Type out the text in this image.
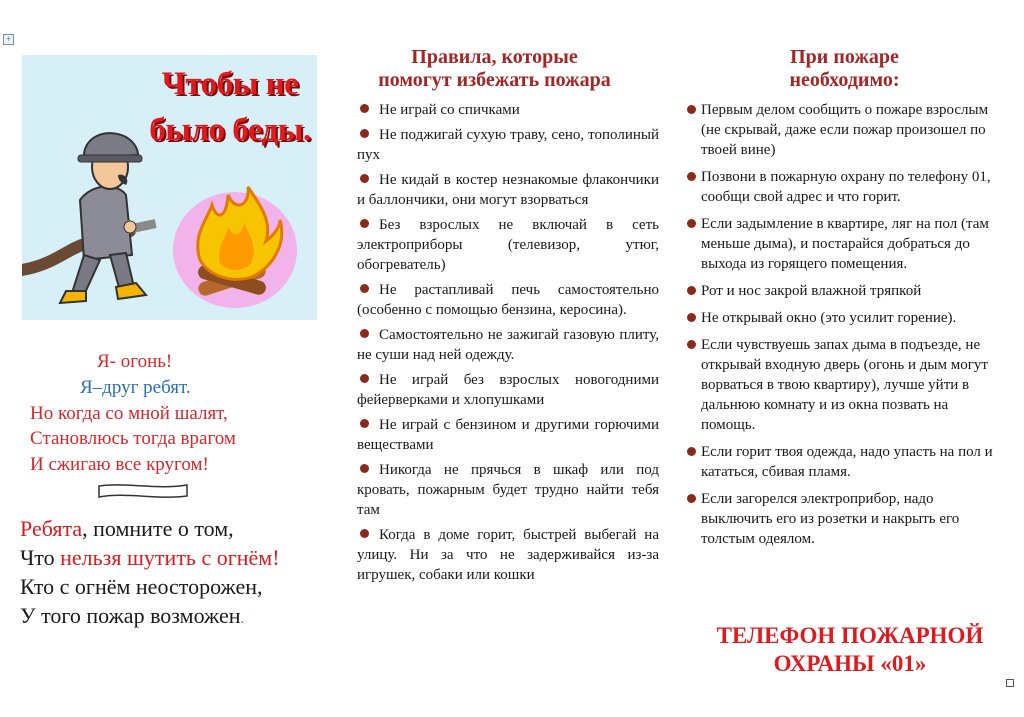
+
Чтобы не
было беды.
Я- огонь!
Я–друг ребят.
Но когда со мной шалят,
Становлюсь тогда врагом
И сжигаю все кругом!
Ребята, помните о том,
Что нельзя шутить с огнём!
Кто с огнём неосторожен,
У того пожар возможен.
Правила, которые
помогут избежать пожара
Не играй со спичками
Не поджигай сухую траву, сено, тополиный пух
Не кидай в костер незнакомые флакончики и баллончики, они могут взорваться
Без взрослых не включай в сеть электроприборы (телевизор, утюг, обогреватель)
Не растапливай печь самостоятельно (особенно с помощью бензина, керосина).
Самостоятельно не зажигай газовую плиту, не суши над ней одежду.
Не играй без взрослых новогодними фейерверками и хлопушками
Не играй с бензином и другими горючими веществами
Никогда не прячься в шкаф или под кровать, пожарным будет трудно найти тебя там
Когда в доме горит, быстрей выбегай на улицу. Ни за что не задерживайся из-за игрушек, собаки или кошки
При пожаре
необходимо:
Первым делом сообщить о пожаре взрослым (не скрывай, даже если пожар произошел по твоей вине)
Позвони в пожарную охрану по телефону 01, сообщи свой адрес и что горит.
Если задымление в квартире, ляг на пол (там меньше дыма), и постарайся добраться до выхода из горящего помещения.
Рот и нос закрой влажной тряпкой
Не открывай окно (это усилит горение).
Если чувствуешь запах дыма в подъезде, не открывай входную дверь (огонь и дым могут ворваться в твою квартиру), лучше уйти в дальнюю комнату и из окна позвать на помощь.
Если горит твоя одежда, надо упасть на пол и кататься, сбивая пламя.
Если загорелся электроприбор, надо выключить его из розетки и накрыть его толстым одеялом.
ТЕЛЕФОН ПОЖАРНОЙ
ОХРАНЫ «01»
